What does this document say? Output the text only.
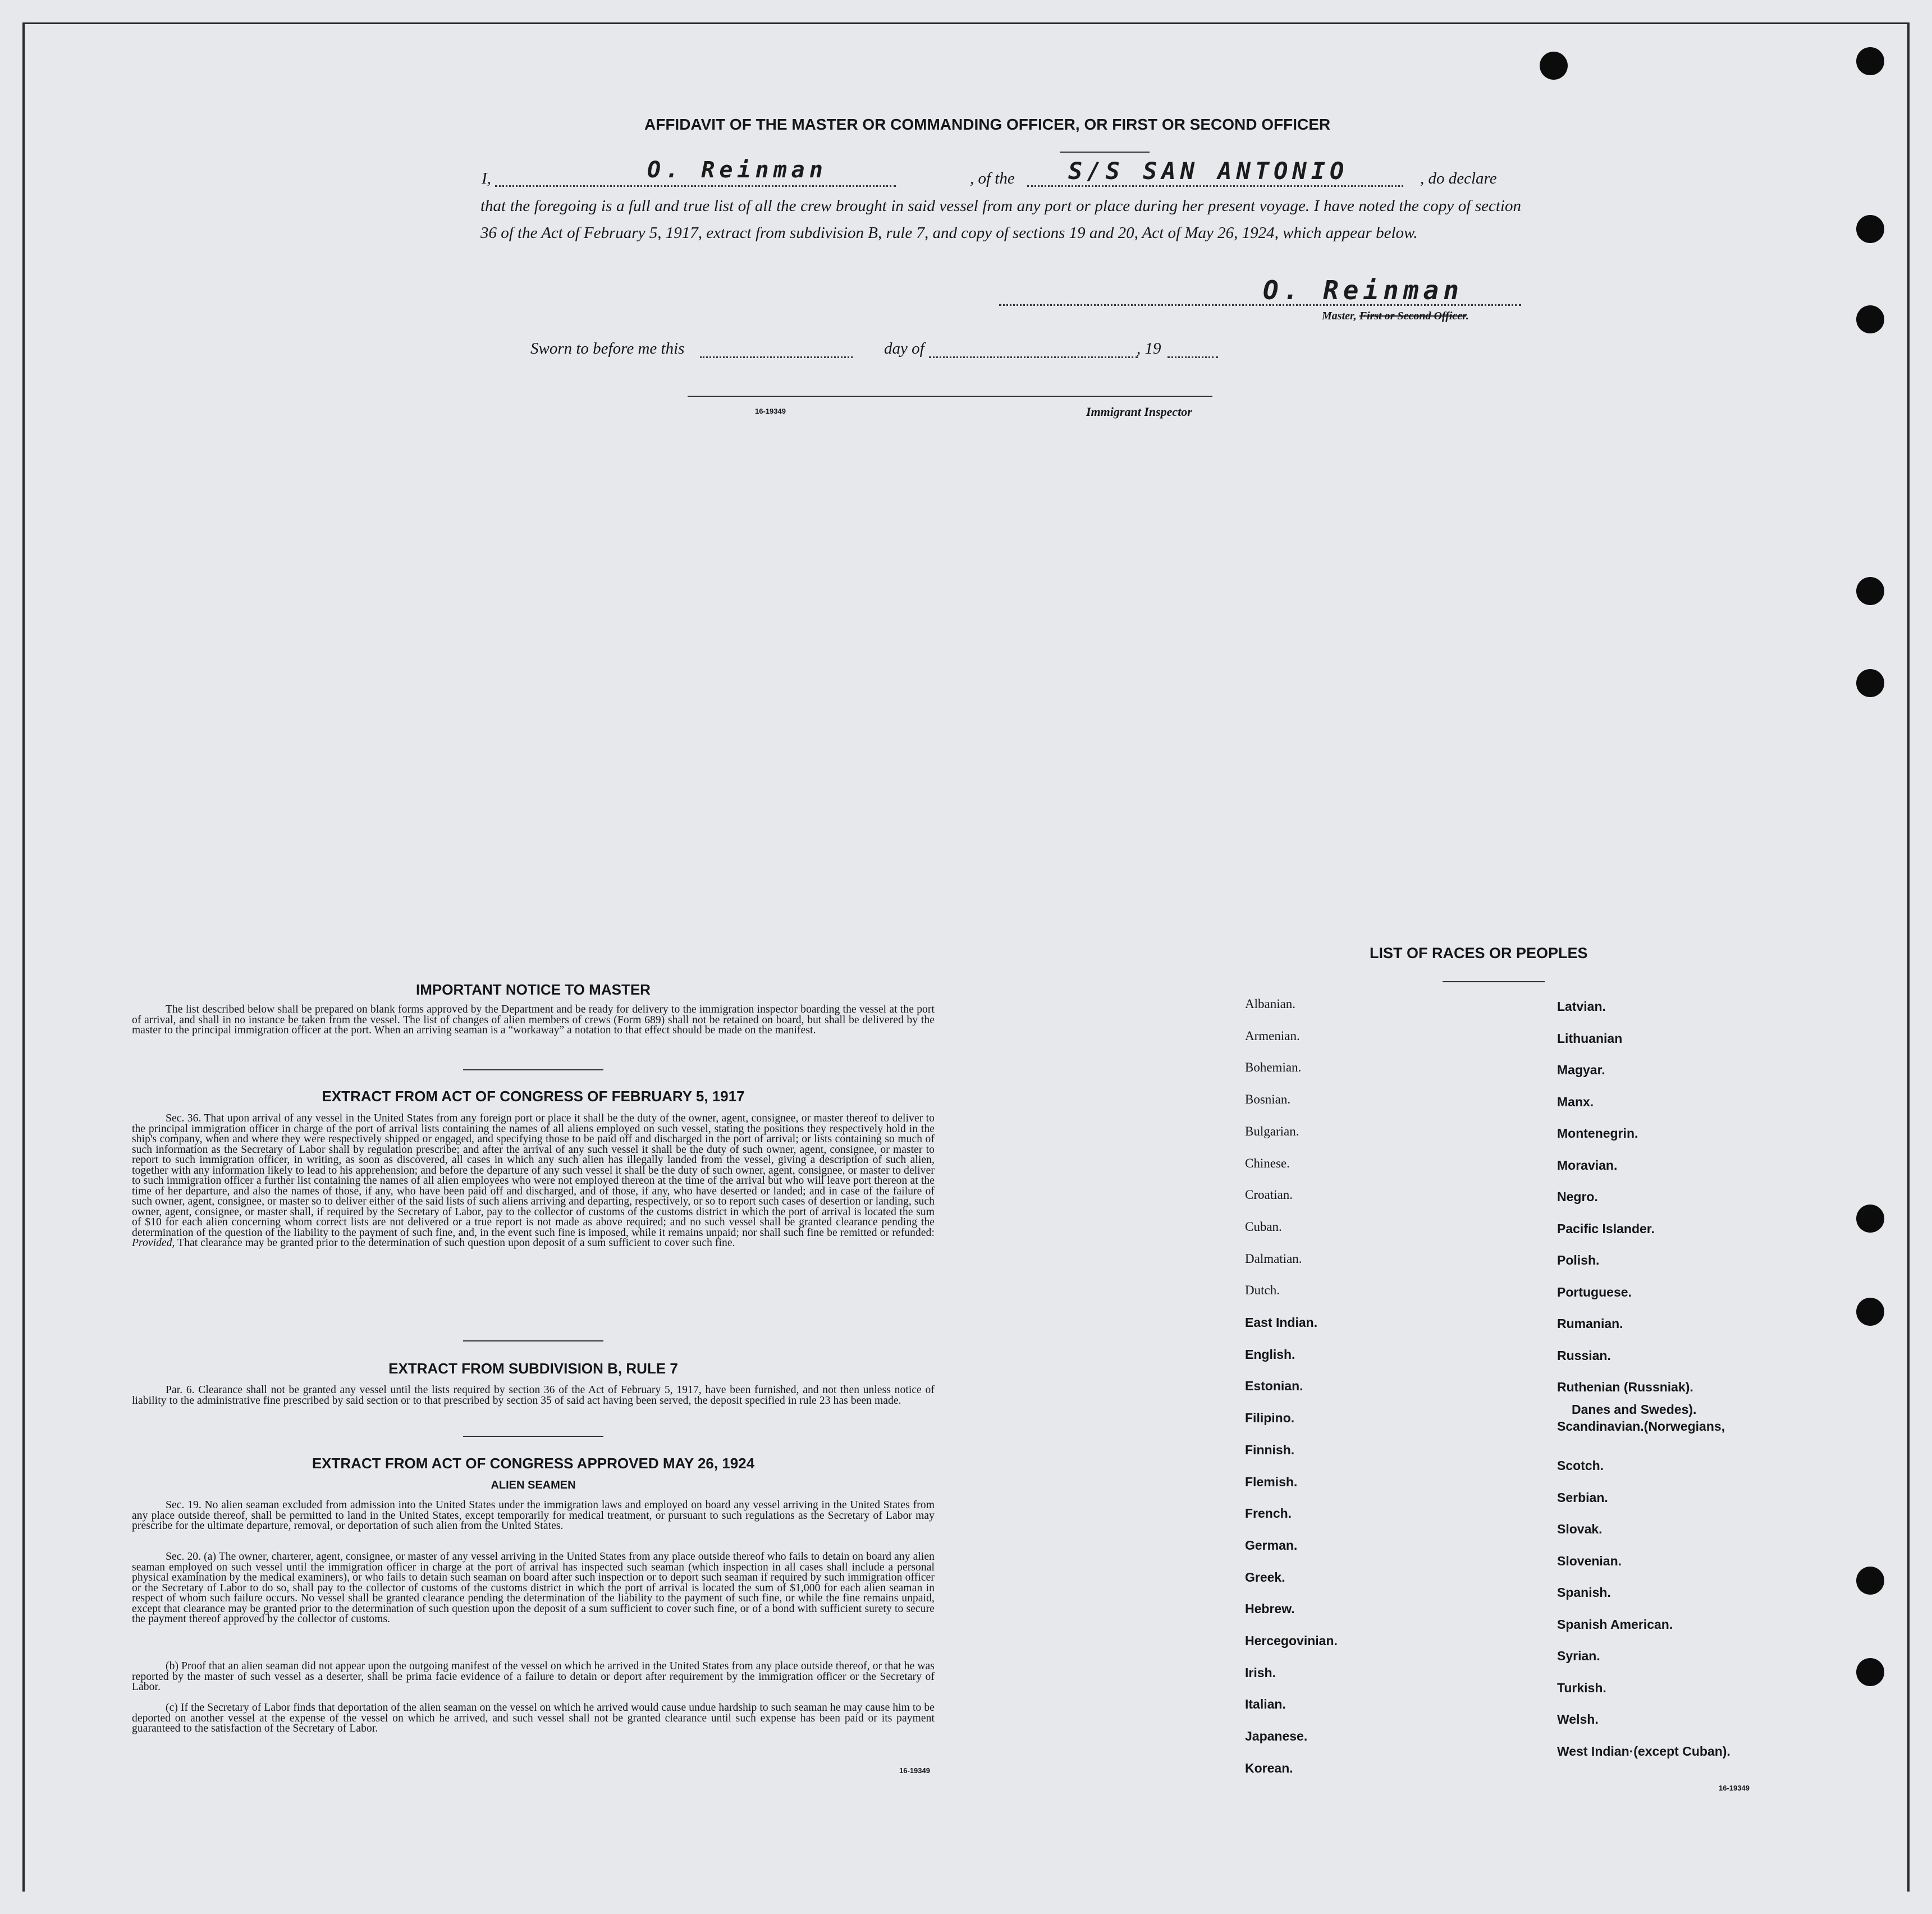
AFFIDAVIT OF THE MASTER OR COMMANDING OFFICER, OR FIRST OR SECOND OFFICER
I,	O. Reinman	, of the S/S SAN ANTONIO	, do declare
that the foregoing is a full and true list of all the crew brought in said vessel from any port or place during her present voyage. I have noted the copy of section 36 of the Act of February 5, 1917, extract from subdivision B, rule 7, and copy of sections 19 and 20, Act of May 26, 1924, which appear below.
O. Reinman
Master, First or Second Officer.
Sworn to before me this	day of	, 19
16-19349	Immigrant Inspector
IMPORTANT NOTICE TO MASTER
The list described below shall be prepared on blank forms approved by the Department and be ready for delivery to the immigration inspector boarding the vessel at the port of arrival, and shall in no instance be taken from the vessel. The list of changes of alien members of crews (Form 689) shall not be retained on board, but shall be delivered by the master to the principal immigration officer at the port. When an arriving seaman is a “workaway” a notation to that effect should be made on the manifest.
EXTRACT FROM ACT OF CONGRESS OF FEBRUARY 5, 1917
Sec. 36. That upon arrival of any vessel in the United States from any foreign port or place it shall be the duty of the owner, agent, consignee, or master thereof to deliver to the principal immigration officer in charge of the port of arrival lists containing the names of all aliens employed on such vessel, stating the positions they respectively hold in the ship's company, when and where they were respectively shipped or engaged, and specifying those to be paid off and discharged in the port of arrival; or lists containing so much of such information as the Secretary of Labor shall by regulation prescribe; and after the arrival of any such vessel it shall be the duty of such owner, agent, consignee, or master to report to such immigration officer, in writing, as soon as discovered, all cases in which any such alien has illegally landed from the vessel, giving a description of such alien, together with any information likely to lead to his apprehension; and before the departure of any such vessel it shall be the duty of such owner, agent, consignee, or master to deliver to such immigration officer a further list containing the names of all alien employees who were not employed thereon at the time of the arrival but who will leave port thereon at the time of her departure, and also the names of those, if any, who have been paid off and discharged, and of those, if any, who have deserted or landed; and in case of the failure of such owner, agent, consignee, or master so to deliver either of the said lists of such aliens arriving and departing, respectively, or so to report such cases of desertion or landing, such owner, agent, consignee, or master shall, if required by the Secretary of Labor, pay to the collector of customs of the customs district in which the port of arrival is located the sum of $10 for each alien concerning whom correct lists are not delivered or a true report is not made as above required; and no such vessel shall be granted clearance pending the determination of the question of the liability to the payment of such fine, and, in the event such fine is imposed, while it remains unpaid; nor shall such fine be remitted or refunded: Provided, That clearance may be granted prior to the determination of such question upon deposit of a sum sufficient to cover such fine.
EXTRACT FROM SUBDIVISION B, RULE 7
Par. 6. Clearance shall not be granted any vessel until the lists required by section 36 of the Act of February 5, 1917, have been furnished, and not then unless notice of liability to the administrative fine prescribed by said section or to that prescribed by section 35 of said act having been served, the deposit specified in rule 23 has been made.
EXTRACT FROM ACT OF CONGRESS APPROVED MAY 26, 1924
ALIEN SEAMEN
Sec. 19. No alien seaman excluded from admission into the United States under the immigration laws and employed on board any vessel arriving in the United States from any place outside thereof, shall be permitted to land in the United States, except temporarily for medical treatment, or pursuant to such regulations as the Secretary of Labor may prescribe for the ultimate departure, removal, or deportation of such alien from the United States.
Sec. 20. (a) The owner, charterer, agent, consignee, or master of any vessel arriving in the United States from any place outside thereof who fails to detain on board any alien seaman employed on such vessel until the immigration officer in charge at the port of arrival has inspected such seaman (which inspection in all cases shall include a personal physical examination by the medical examiners), or who fails to detain such seaman on board after such inspection or to deport such seaman if required by such immigration officer or the Secretary of Labor to do so, shall pay to the collector of customs of the customs district in which the port of arrival is located the sum of $1,000 for each alien seaman in respect of whom such failure occurs. No vessel shall be granted clearance pending the determination of the liability to the payment of such fine, or while the fine remains unpaid, except that clearance may be granted prior to the determination of such question upon the deposit of a sum sufficient to cover such fine, or of a bond with sufficient surety to secure the payment thereof approved by the collector of customs.
(b) Proof that an alien seaman did not appear upon the outgoing manifest of the vessel on which he arrived in the United States from any place outside thereof, or that he was reported by the master of such vessel as a deserter, shall be prima facie evidence of a failure to detain or deport after requirement by the immigration officer or the Secretary of Labor.
(c) If the Secretary of Labor finds that deportation of the alien seaman on the vessel on which he arrived would cause undue hardship to such seaman he may cause him to be deported on another vessel at the expense of the vessel on which he arrived, and such vessel shall not be granted clearance until such expense has been paid or its payment guaranteed to the satisfaction of the Secretary of Labor.
16-19349
LIST OF RACES OR PEOPLES
Albanian.
Armenian.
Bohemian.
Bosnian.
Bulgarian.
Chinese.
Croatian.
Cuban.
Dalmatian.
Dutch.
East Indian.
English.
Estonian.
Filipino.
Finnish.
Flemish.
French.
German.
Greek.
Hebrew.
Hercegovinian.
Irish.
Italian.
Japanese.
Korean.
Latvian.
Lithuanian
Magyar.
Manx.
Montenegrin.
Moravian.
Negro.
Pacific Islander.
Polish.
Portuguese.
Rumanian.
Russian.
Ruthenian (Russniak).
Scandinavian.(Norwegians,
Danes and Swedes).
Scotch.
Serbian.
Slovak.
Slovenian.
Spanish.
Spanish American.
Syrian.
Turkish.
Welsh.
West Indian·(except Cuban).
16-19349
